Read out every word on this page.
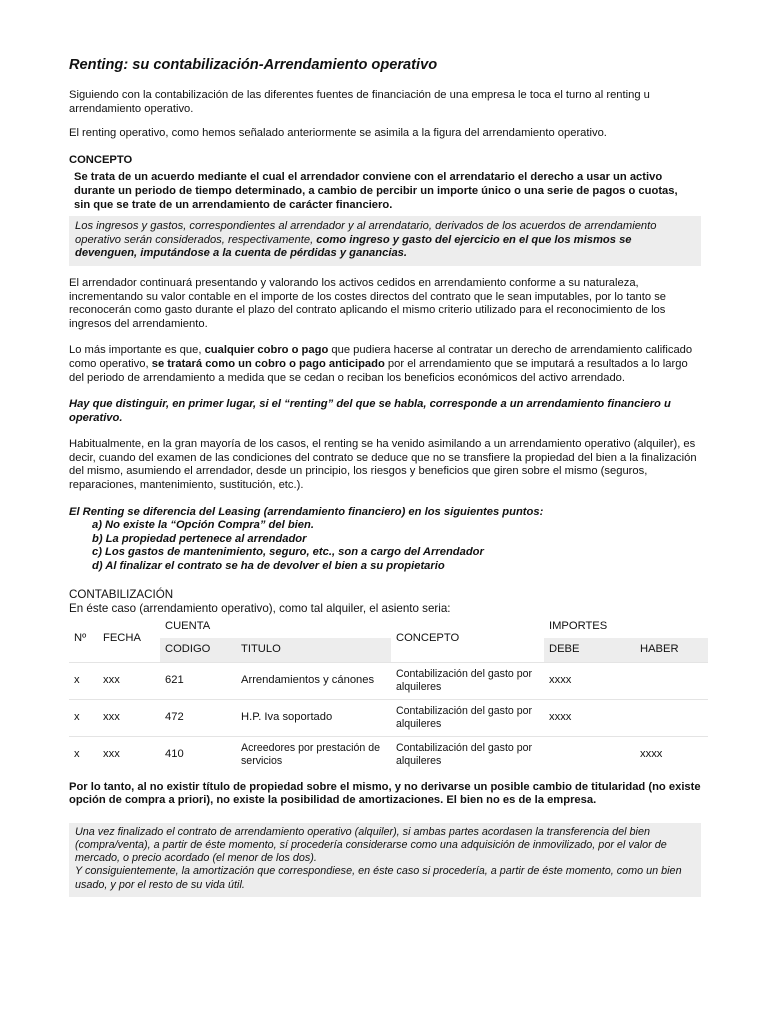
Renting: su contabilización-Arrendamiento operativo

Siguiendo con la contabilización de las diferentes fuentes de financiación de una empresa le toca el turno al renting u arrendamiento operativo.

El renting operativo, como hemos señalado anteriormente se asimila a la figura del arrendamiento operativo.

CONCEPTO
Se trata de un acuerdo mediante el cual el arrendador conviene con el arrendatario el derecho a usar un activo durante un periodo de tiempo determinado, a cambio de percibir un importe único o una serie de pagos o cuotas, sin que se trate de un arrendamiento de carácter financiero.
Los ingresos y gastos, correspondientes al arrendador y al arrendatario, derivados de los acuerdos de arrendamiento operativo serán considerados, respectivamente, como ingreso y gasto del ejercicio en el que los mismos se devenguen, imputándose a la cuenta de pérdidas y ganancias.

El arrendador continuará presentando y valorando los activos cedidos en arrendamiento conforme a su naturaleza, incrementando su valor contable en el importe de los costes directos del contrato que le sean imputables, por lo tanto se reconocerán como gasto durante el plazo del contrato aplicando el mismo criterio utilizado para el reconocimiento de los ingresos del arrendamiento.

Lo más importante es que, cualquier cobro o pago que pudiera hacerse al contratar un derecho de arrendamiento calificado como operativo, se tratará como un cobro o pago anticipado por el arrendamiento que se imputará a resultados a lo largo del periodo de arrendamiento a medida que se cedan o reciban los beneficios económicos del activo arrendado.

Hay que distinguir, en primer lugar, si el “renting” del que se habla, corresponde a un arrendamiento financiero u operativo.

Habitualmente, en la gran mayoría de los casos, el renting se ha venido asimilando a un arrendamiento operativo (alquiler), es decir, cuando del examen de las condiciones del contrato se deduce que no se transfiere la propiedad del bien a la finalización del mismo, asumiendo el arrendador, desde un principio, los riesgos y beneficios que giren sobre el mismo (seguros, reparaciones, mantenimiento, sustitución, etc.).

El Renting se diferencia del Leasing (arrendamiento financiero) en los siguientes puntos:
a) No existe la “Opción Compra” del bien.
b) La propiedad pertenece al arrendador
c) Los gastos de mantenimiento, seguro, etc., son a cargo del Arrendador
d) Al finalizar el contrato se ha de devolver el bien a su propietario
CONTABILIZACIÓN
En éste caso (arrendamiento operativo), como tal alquiler, el asiento seria:
Nº	FECHA	CUENTA		CONCEPTO	IMPORTES	
		CODIGO	TITULO		DEBE	HABER
x	xxx	621	Arrendamientos y cánones	Contabilización del gasto por alquileres	xxxx	
x	xxx	472	H.P. Iva soportado	Contabilización del gasto por alquileres	xxxx	
x	xxx	410	Acreedores por prestación de servicios	Contabilización del gasto por alquileres		xxxx

Por lo tanto, al no existir título de propiedad sobre el mismo, y no derivarse un posible cambio de titularidad (no existe opción de compra a priori), no existe la posibilidad de amortizaciones. El bien no es de la empresa.

Una vez finalizado el contrato de arrendamiento operativo (alquiler), si ambas partes acordasen la transferencia del bien (compra/venta), a partir de éste momento, sí procedería considerarse como una adquisición de inmovilizado, por el valor de mercado, o precio acordado (el menor de los dos).
Y consiguientemente, la amortización que correspondiese, en éste caso si procedería, a partir de éste momento, como un bien usado, y por el resto de su vida útil.
